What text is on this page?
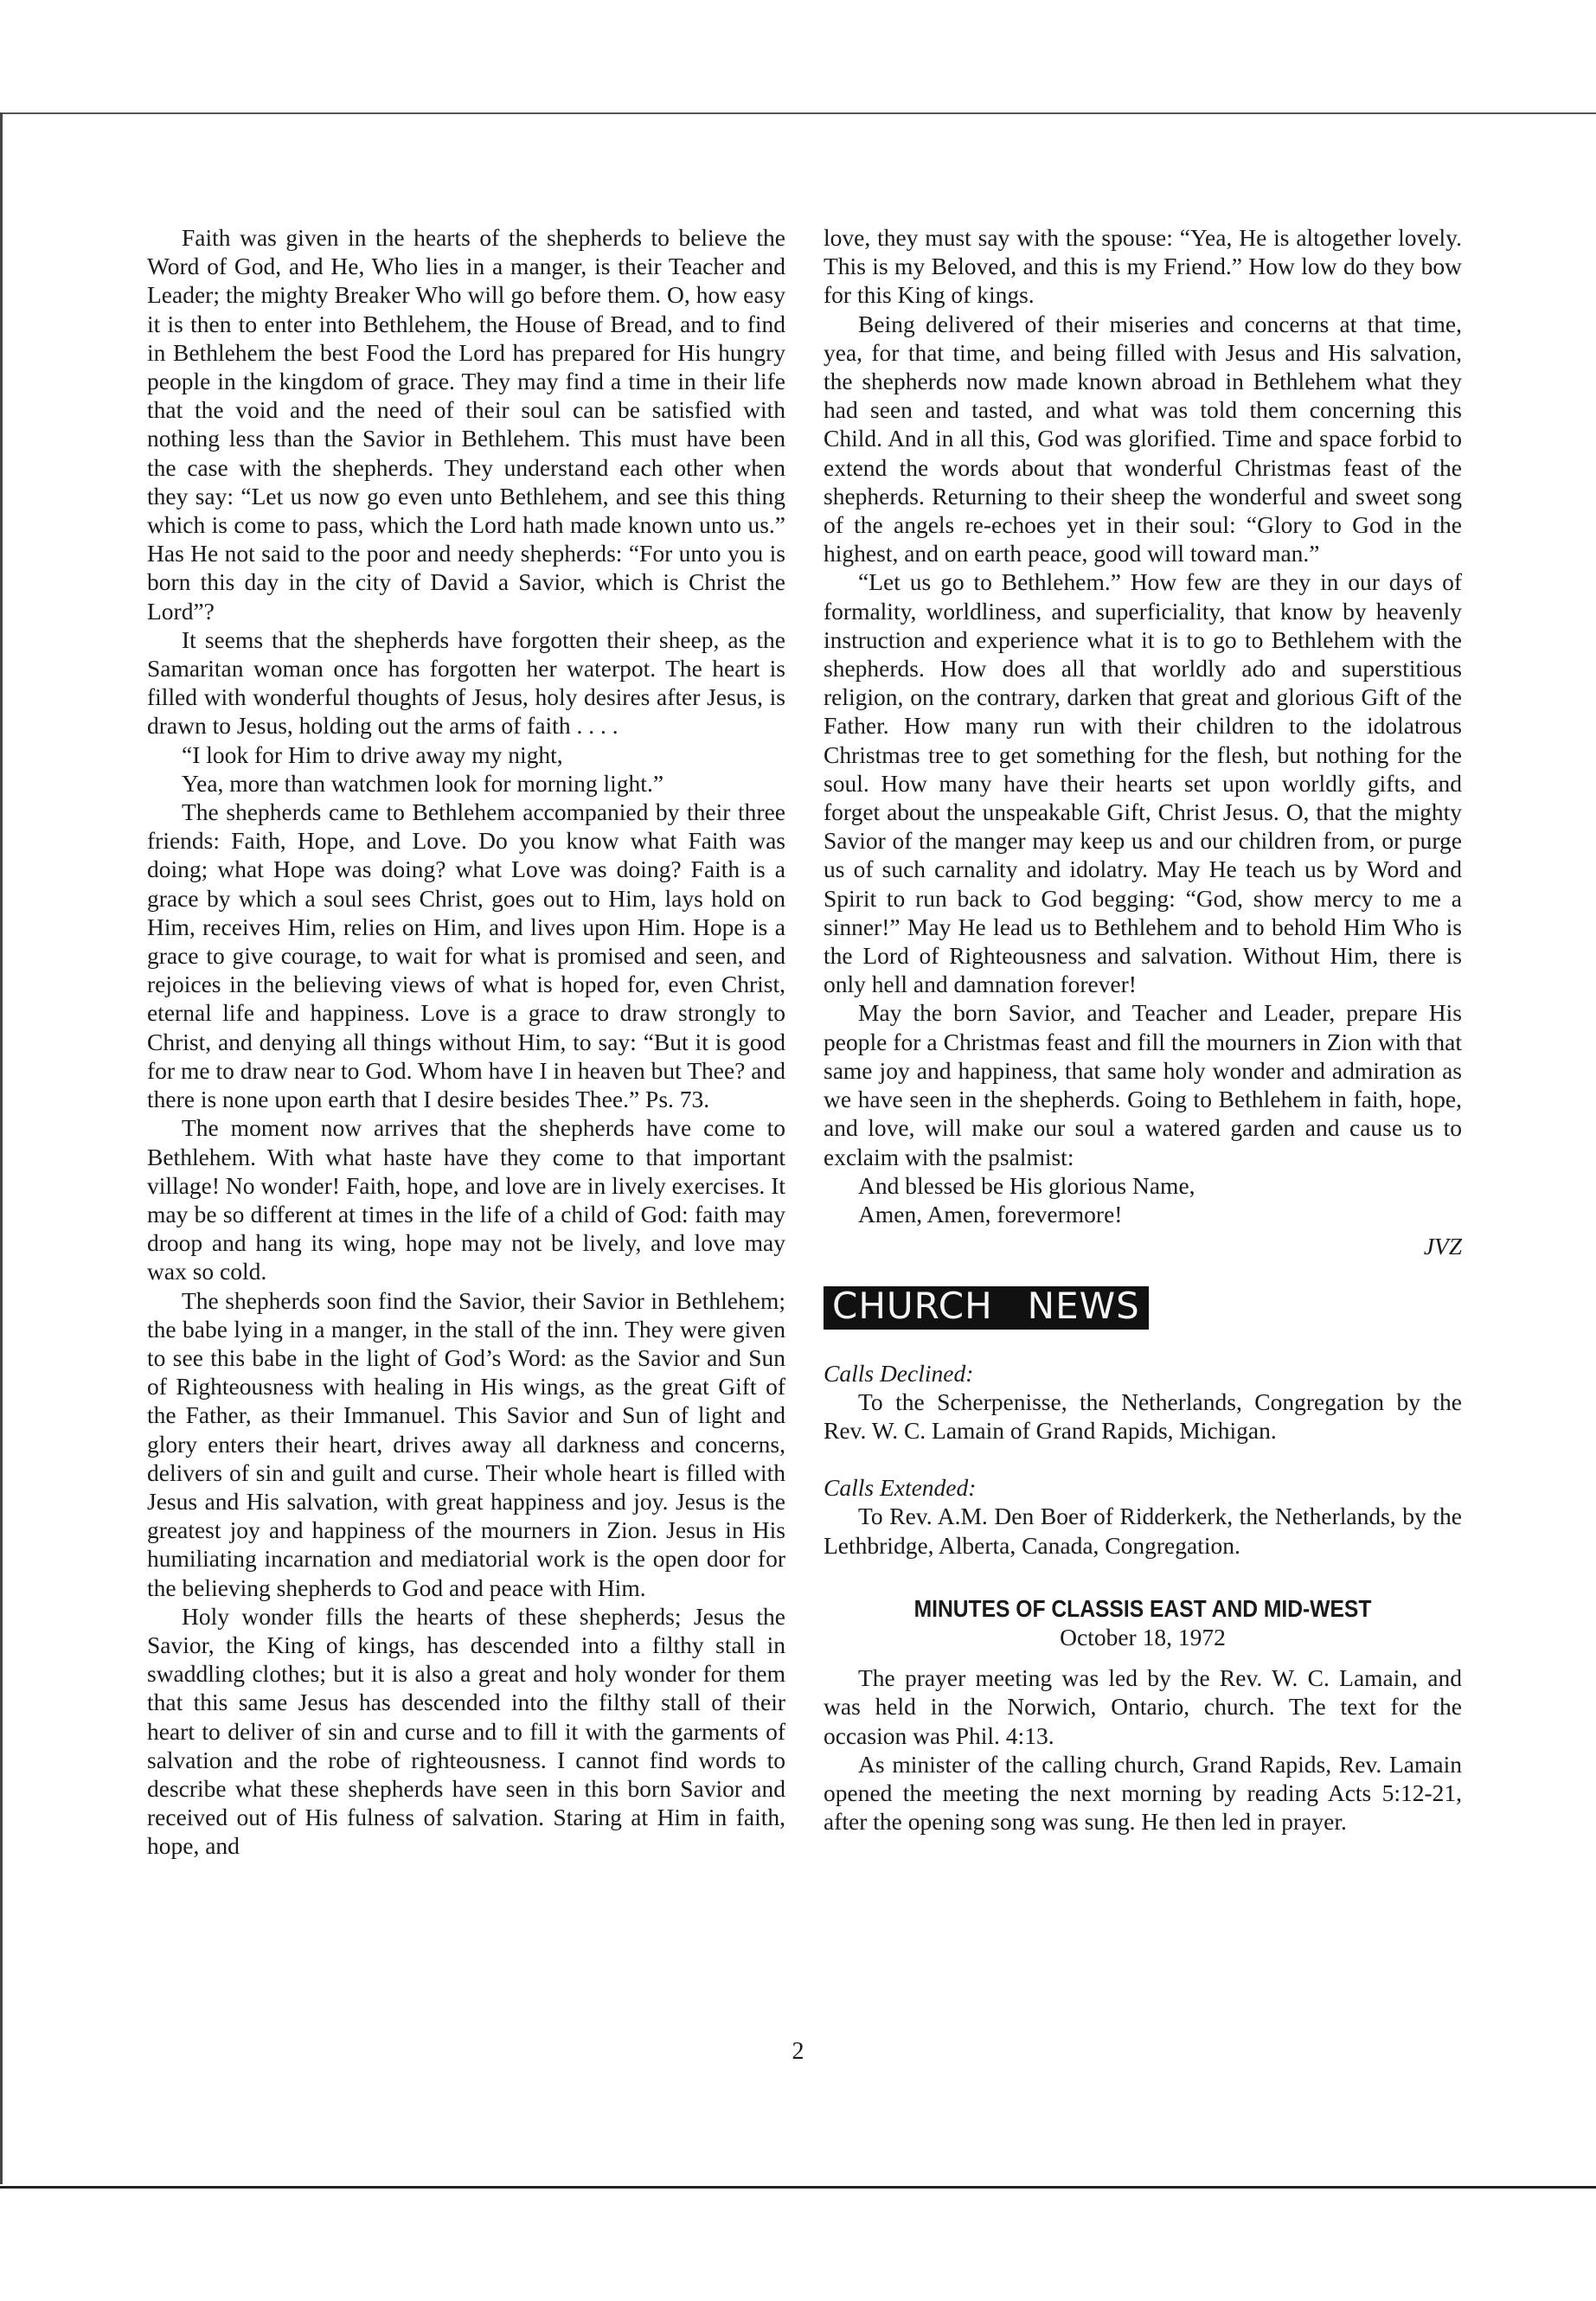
Faith was given in the hearts of the shepherds to believe the Word of God, and He, Who lies in a manger, is their Teacher and Leader; the mighty Breaker Who will go before them. O, how easy it is then to enter into Bethlehem, the House of Bread, and to find in Bethlehem the best Food the Lord has prepared for His hungry people in the kingdom of grace. They may find a time in their life that the void and the need of their soul can be satisfied with nothing less than the Savior in Bethlehem. This must have been the case with the shepherds. They understand each other when they say: “Let us now go even unto Bethlehem, and see this thing which is come to pass, which the Lord hath made known unto us.” Has He not said to the poor and needy shepherds: “For unto you is born this day in the city of David a Savior, which is Christ the Lord”?

It seems that the shepherds have forgotten their sheep, as the Samaritan woman once has forgotten her waterpot. The heart is filled with wonderful thoughts of Jesus, holy desires after Jesus, is drawn to Jesus, holding out the arms of faith . . . .

“I look for Him to drive away my night,

Yea, more than watchmen look for morning light.”

The shepherds came to Bethlehem accompanied by their three friends: Faith, Hope, and Love. Do you know what Faith was doing; what Hope was doing? what Love was doing? Faith is a grace by which a soul sees Christ, goes out to Him, lays hold on Him, receives Him, relies on Him, and lives upon Him. Hope is a grace to give courage, to wait for what is promised and seen, and rejoices in the believing views of what is hoped for, even Christ, eternal life and happiness. Love is a grace to draw strongly to Christ, and denying all things without Him, to say: “But it is good for me to draw near to God. Whom have I in heaven but Thee? and there is none upon earth that I desire besides Thee.” Ps. 73.

The moment now arrives that the shepherds have come to Bethlehem. With what haste have they come to that important village! No wonder! Faith, hope, and love are in lively exercises. It may be so different at times in the life of a child of God: faith may droop and hang its wing, hope may not be lively, and love may wax so cold.

The shepherds soon find the Savior, their Savior in Bethlehem; the babe lying in a manger, in the stall of the inn. They were given to see this babe in the light of God’s Word: as the Savior and Sun of Righteousness with healing in His wings, as the great Gift of the Father, as their Immanuel. This Savior and Sun of light and glory enters their heart, drives away all darkness and concerns, delivers of sin and guilt and curse. Their whole heart is filled with Jesus and His salvation, with great happiness and joy. Jesus is the greatest joy and happiness of the mourners in Zion. Jesus in His humiliating incarnation and mediatorial work is the open door for the believing shepherds to God and peace with Him.

Holy wonder fills the hearts of these shepherds; Jesus the Savior, the King of kings, has descended into a filthy stall in swaddling clothes; but it is also a great and holy wonder for them that this same Jesus has descended into the filthy stall of their heart to deliver of sin and curse and to fill it with the garments of salvation and the robe of righteousness. I cannot find words to describe what these shepherds have seen in this born Savior and received out of His fulness of salvation. Staring at Him in faith, hope, and

love, they must say with the spouse: “Yea, He is altogether lovely. This is my Beloved, and this is my Friend.” How low do they bow for this King of kings.

Being delivered of their miseries and concerns at that time, yea, for that time, and being filled with Jesus and His salvation, the shepherds now made known abroad in Bethlehem what they had seen and tasted, and what was told them concerning this Child. And in all this, God was glorified. Time and space forbid to extend the words about that wonderful Christmas feast of the shepherds. Returning to their sheep the wonderful and sweet song of the angels re-echoes yet in their soul: “Glory to God in the highest, and on earth peace, good will toward man.”

“Let us go to Bethlehem.” How few are they in our days of formality, worldliness, and superficiality, that know by heavenly instruction and experience what it is to go to Bethlehem with the shepherds. How does all that worldly ado and superstitious religion, on the contrary, darken that great and glorious Gift of the Father. How many run with their children to the idolatrous Christmas tree to get something for the flesh, but nothing for the soul. How many have their hearts set upon worldly gifts, and forget about the unspeakable Gift, Christ Jesus. O, that the mighty Savior of the manger may keep us and our children from, or purge us of such carnality and idolatry. May He teach us by Word and Spirit to run back to God begging: “God, show mercy to me a sinner!” May He lead us to Bethlehem and to behold Him Who is the Lord of Righteousness and salvation. Without Him, there is only hell and damnation forever!

May the born Savior, and Teacher and Leader, prepare His people for a Christmas feast and fill the mourners in Zion with that same joy and happiness, that same holy wonder and admiration as we have seen in the shepherds. Going to Bethlehem in faith, hope, and love, will make our soul a watered garden and cause us to exclaim with the psalmist:

And blessed be His glorious Name,

Amen, Amen, forevermore!

JVZ

CHURCH NEWS

Calls Declined:

To the Scherpenisse, the Netherlands, Congregation by the Rev. W. C. Lamain of Grand Rapids, Michigan.

Calls Extended:

To Rev. A.M. Den Boer of Ridderkerk, the Netherlands, by the Lethbridge, Alberta, Canada, Congregation.

MINUTES OF CLASSIS EAST AND MID-WEST

October 18, 1972

The prayer meeting was led by the Rev. W. C. Lamain, and was held in the Norwich, Ontario, church. The text for the occasion was Phil. 4:13.

As minister of the calling church, Grand Rapids, Rev. Lamain opened the meeting the next morning by reading Acts 5:12-21, after the opening song was sung. He then led in prayer.

2
